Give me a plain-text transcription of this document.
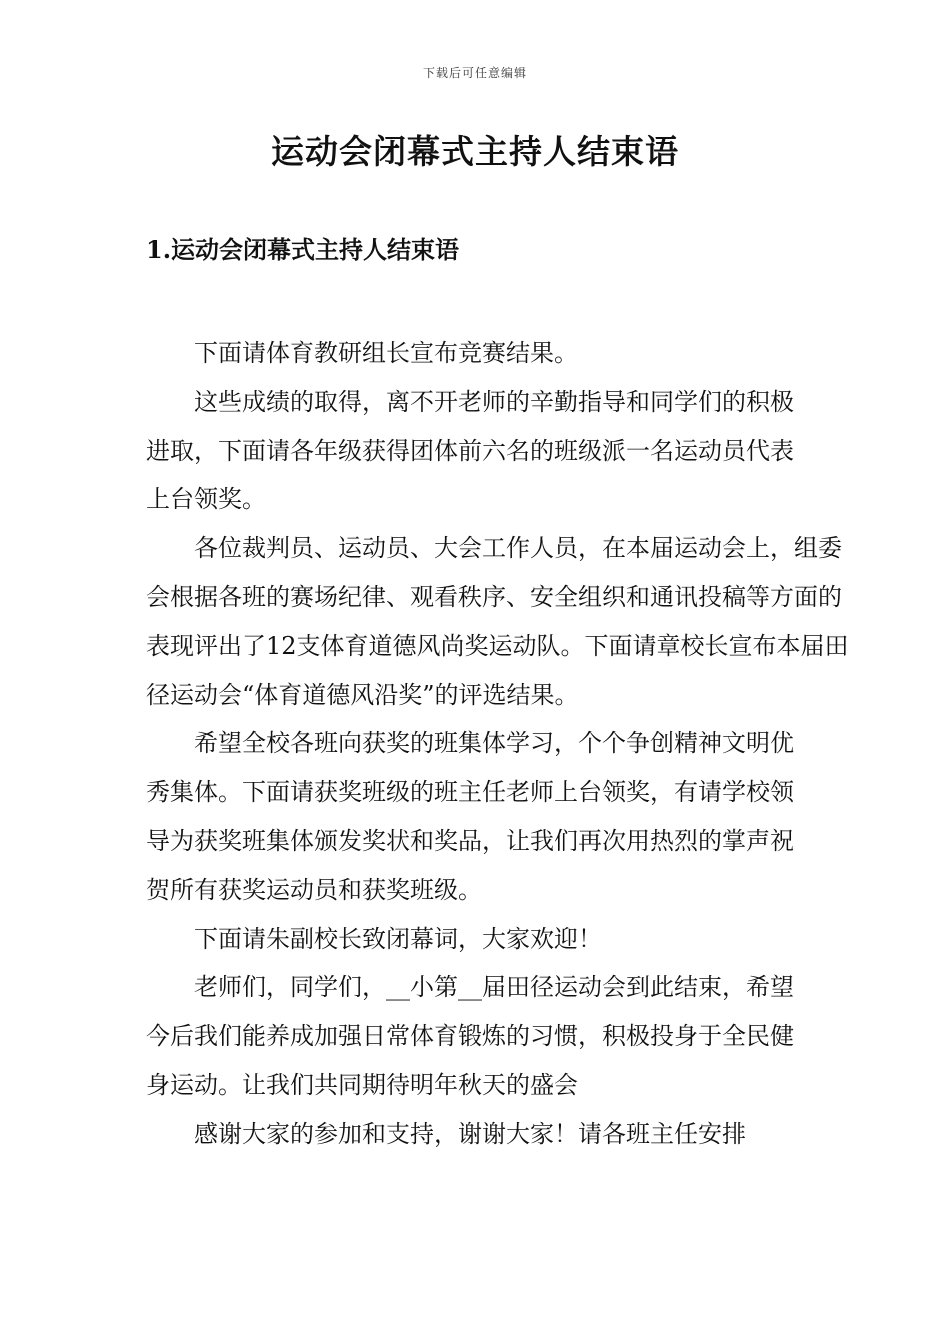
下载后可任意编辑
运动会闭幕式主持人结束语
1.运动会闭幕式主持人结束语

下面请体育教研组长宣布竞赛结果。

这些成绩的取得，离不开老师的辛勤指导和同学们的积极进取，下面请各年级获得团体前六名的班级派一名运动员代表上台领奖。

各位裁判员、运动员、大会工作人员，在本届运动会上，组委会根据各班的赛场纪律、观看秩序、安全组织和通讯投稿等方面的表现评出了12支体育道德风尚奖运动队。下面请章校长宣布本届田径运动会“体育道德风沿奖”的评选结果。

希望全校各班向获奖的班集体学习，个个争创精神文明优秀集体。下面请获奖班级的班主任老师上台领奖，有请学校领导为获奖班集体颁发奖状和奖品，让我们再次用热烈的掌声祝贺所有获奖运动员和获奖班级。

下面请朱副校长致闭幕词，大家欢迎！

老师们，同学们，__小第__届田径运动会到此结束，希望今后我们能养成加强日常体育锻炼的习惯，积极投身于全民健身运动。让我们共同期待明年秋天的盛会

感谢大家的参加和支持，谢谢大家！请各班主任安排
